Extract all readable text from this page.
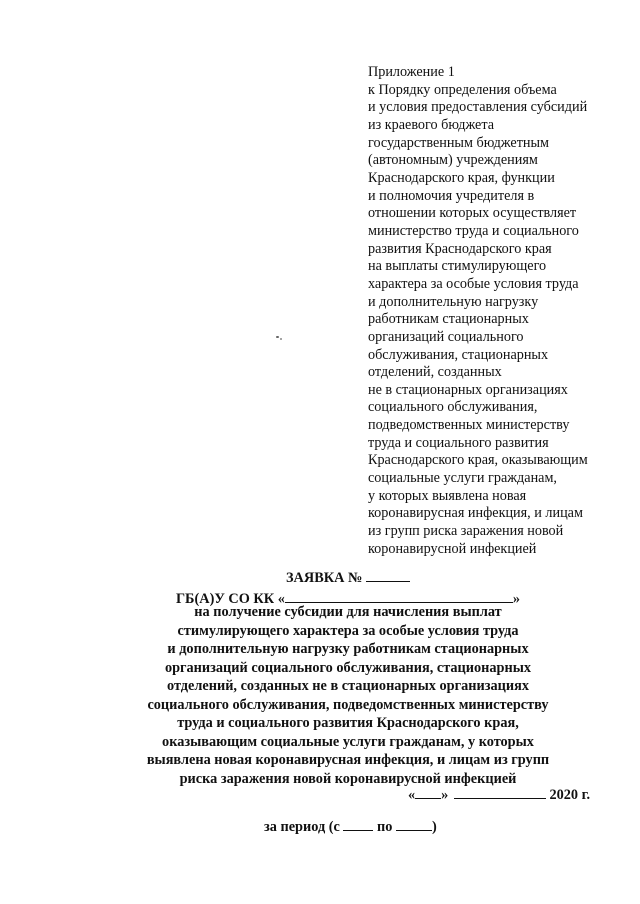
Приложение 1
к Порядку определения объема
и условия предоставления субсидий
из краевого бюджета
государственным бюджетным
(автономным) учреждениям
Краснодарского края, функции
и полномочия учредителя в
отношении которых осуществляет
министерство труда и социального
развития Краснодарского края
на выплаты стимулирующего
характера за особые условия труда
и дополнительную нагрузку
работникам стационарных
организаций социального
обслуживания, стационарных
отделений, созданных
не в стационарных организациях
социального обслуживания,
подведомственных министерству
труда и социального развития
Краснодарского края, оказывающим
социальные услуги гражданам,
у которых выявлена новая
коронавирусная инфекция, и лицам
из групп риска заражения новой
коронавирусной инфекцией
ЗАЯВКА №
ГБ(А)У СО КК «	»
на получение субсидии для начисления выплат
стимулирующего характера за особые условия труда
и дополнительную нагрузку работникам стационарных
организаций социального обслуживания, стационарных
отделений, созданных не в стационарных организациях
социального обслуживания, подведомственных министерству
труда и социального развития Краснодарского края,
оказывающим социальные услуги гражданам, у которых
выявлена новая коронавирусная инфекция, и лицам из групп
риска заражения новой коронавирусной инфекцией
« »	2020 г.
за период (с	по	)
